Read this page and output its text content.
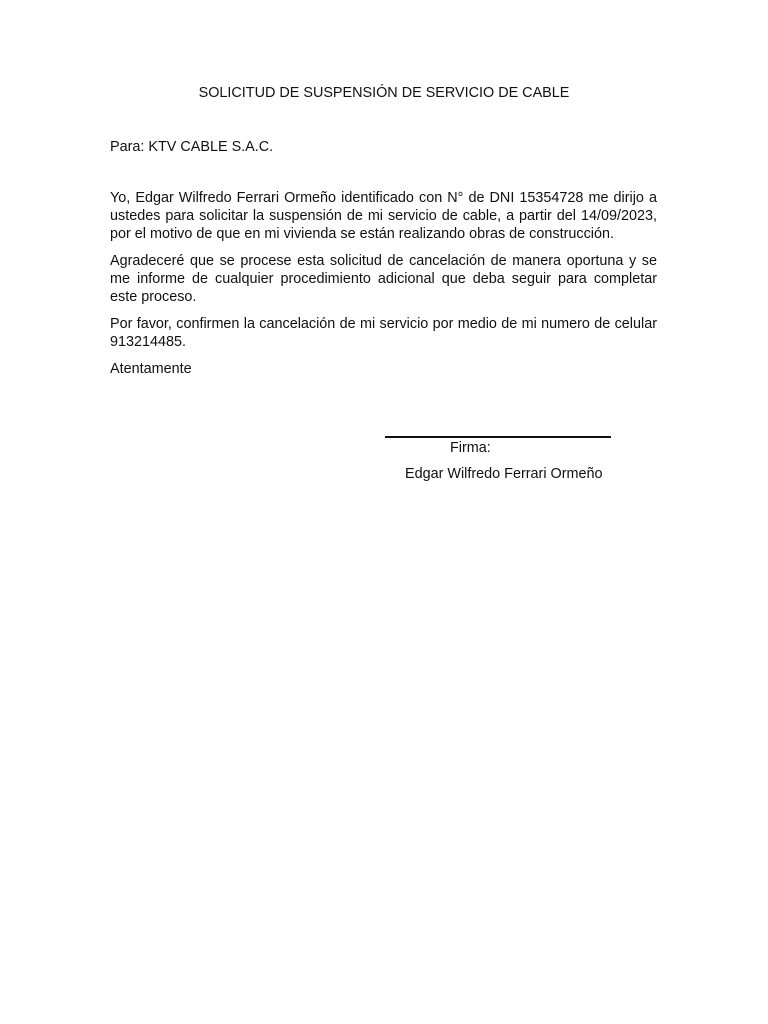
SOLICITUD DE SUSPENSIÓN DE SERVICIO DE CABLE

Para: KTV CABLE S.A.C.

Yo, Edgar Wilfredo Ferrari Ormeño identificado con N° de DNI 15354728 me dirijo a ustedes para solicitar la suspensión de mi servicio de cable, a partir del 14/09/2023, por el motivo de que en mi vivienda se están realizando obras de construcción.

Agradeceré que se procese esta solicitud de cancelación de manera oportuna y se me informe de cualquier procedimiento adicional que deba seguir para completar este proceso.

Por favor, confirmen la cancelación de mi servicio por medio de mi numero de celular 913214485.

Atentamente

Firma:

Edgar Wilfredo Ferrari Ormeño
